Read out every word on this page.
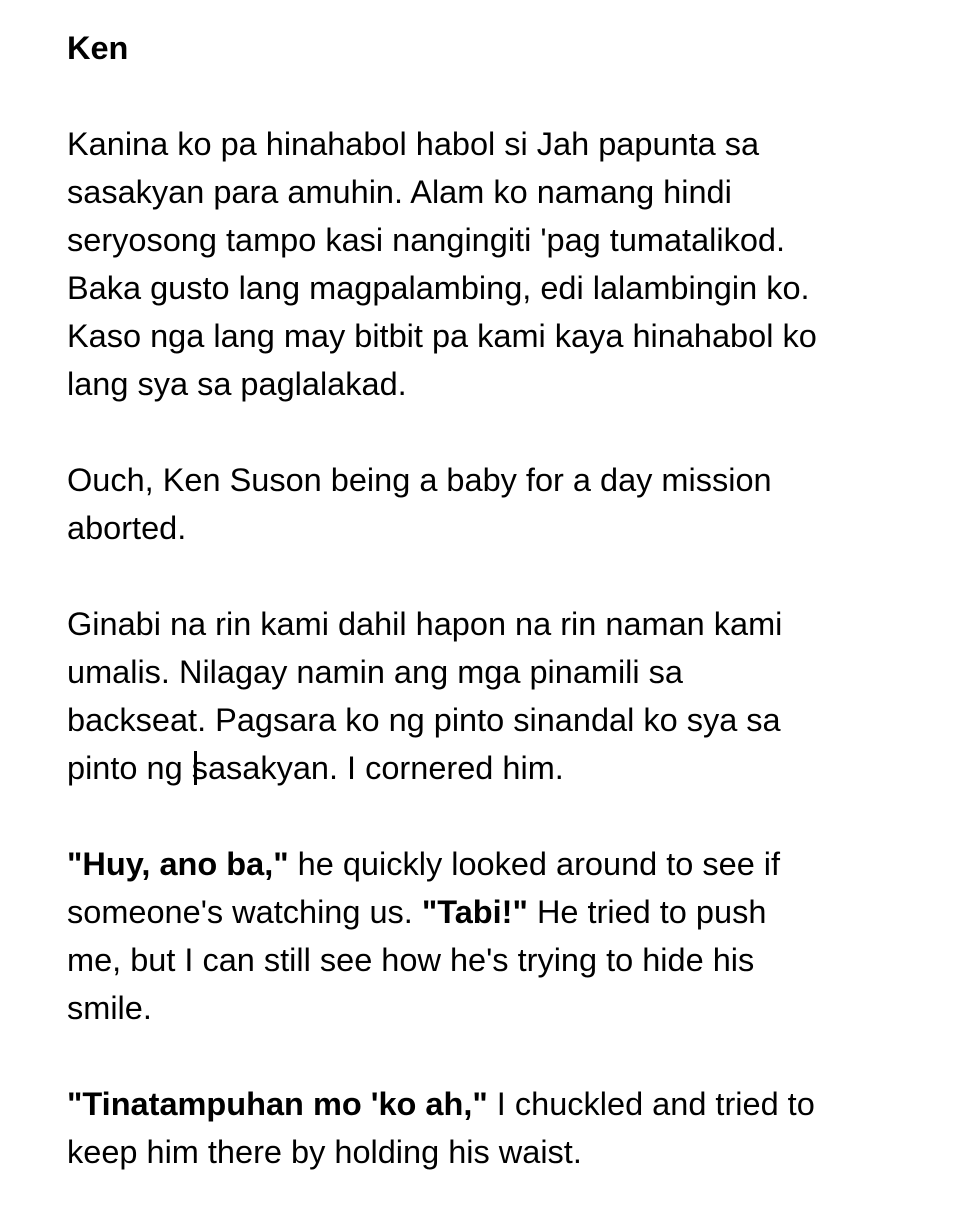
Ken
Kanina ko pa hinahabol habol si Jah papunta sa
sasakyan para amuhin. Alam ko namang hindi
seryosong tampo kasi nangingiti 'pag tumatalikod.
Baka gusto lang magpalambing, edi lalambingin ko.
Kaso nga lang may bitbit pa kami kaya hinahabol ko
lang sya sa paglalakad.
Ouch, Ken Suson being a baby for a day mission
aborted.
Ginabi na rin kami dahil hapon na rin naman kami
umalis. Nilagay namin ang mga pinamili sa
backseat. Pagsara ko ng pinto sinandal ko sya sa
pinto ng sasakyan. I cornered him.
"Huy, ano ba," he quickly looked around to see if
someone's watching us. "Tabi!" He tried to push
me, but I can still see how he's trying to hide his
smile.
"Tinatampuhan mo 'ko ah," I chuckled and tried to
keep him there by holding his waist.
